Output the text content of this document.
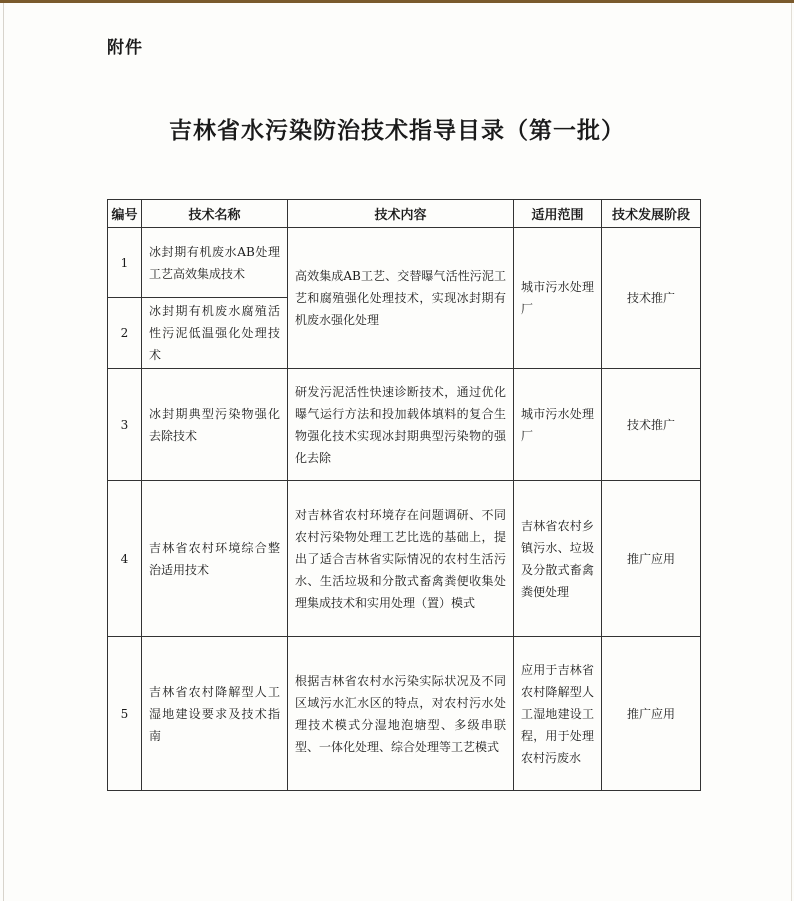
附件
吉林省水污染防治技术指导目录（第一批）
编号	技术名称	技术内容	适用范围	技术发展阶段
1	冰封期有机废水AB处理工艺高效集成技术	高效集成AB工艺、交替曝气活性污泥工艺和腐殖强化处理技术，实现冰封期有机废水强化处理	城市污水处理厂	技术推广
2	冰封期有机废水腐殖活性污泥低温强化处理技术			
3	冰封期典型污染物强化去除技术	研发污泥活性快速诊断技术，通过优化曝气运行方法和投加载体填料的复合生物强化技术实现冰封期典型污染物的强化去除	城市污水处理厂	技术推广
4	吉林省农村环境综合整治适用技术	对吉林省农村环境存在问题调研、不同农村污染物处理工艺比选的基础上，提出了适合吉林省实际情况的农村生活污水、生活垃圾和分散式畜禽粪便收集处理集成技术和实用处理（置）模式	吉林省农村乡镇污水、垃圾及分散式畜禽粪便处理	推广应用
5	吉林省农村降解型人工湿地建设要求及技术指南	根据吉林省农村水污染实际状况及不同区域污水汇水区的特点，对农村污水处理技术模式分湿地泡塘型、多级串联型、一体化处理、综合处理等工艺模式	应用于吉林省农村降解型人工湿地建设工程，用于处理农村污废水	推广应用
